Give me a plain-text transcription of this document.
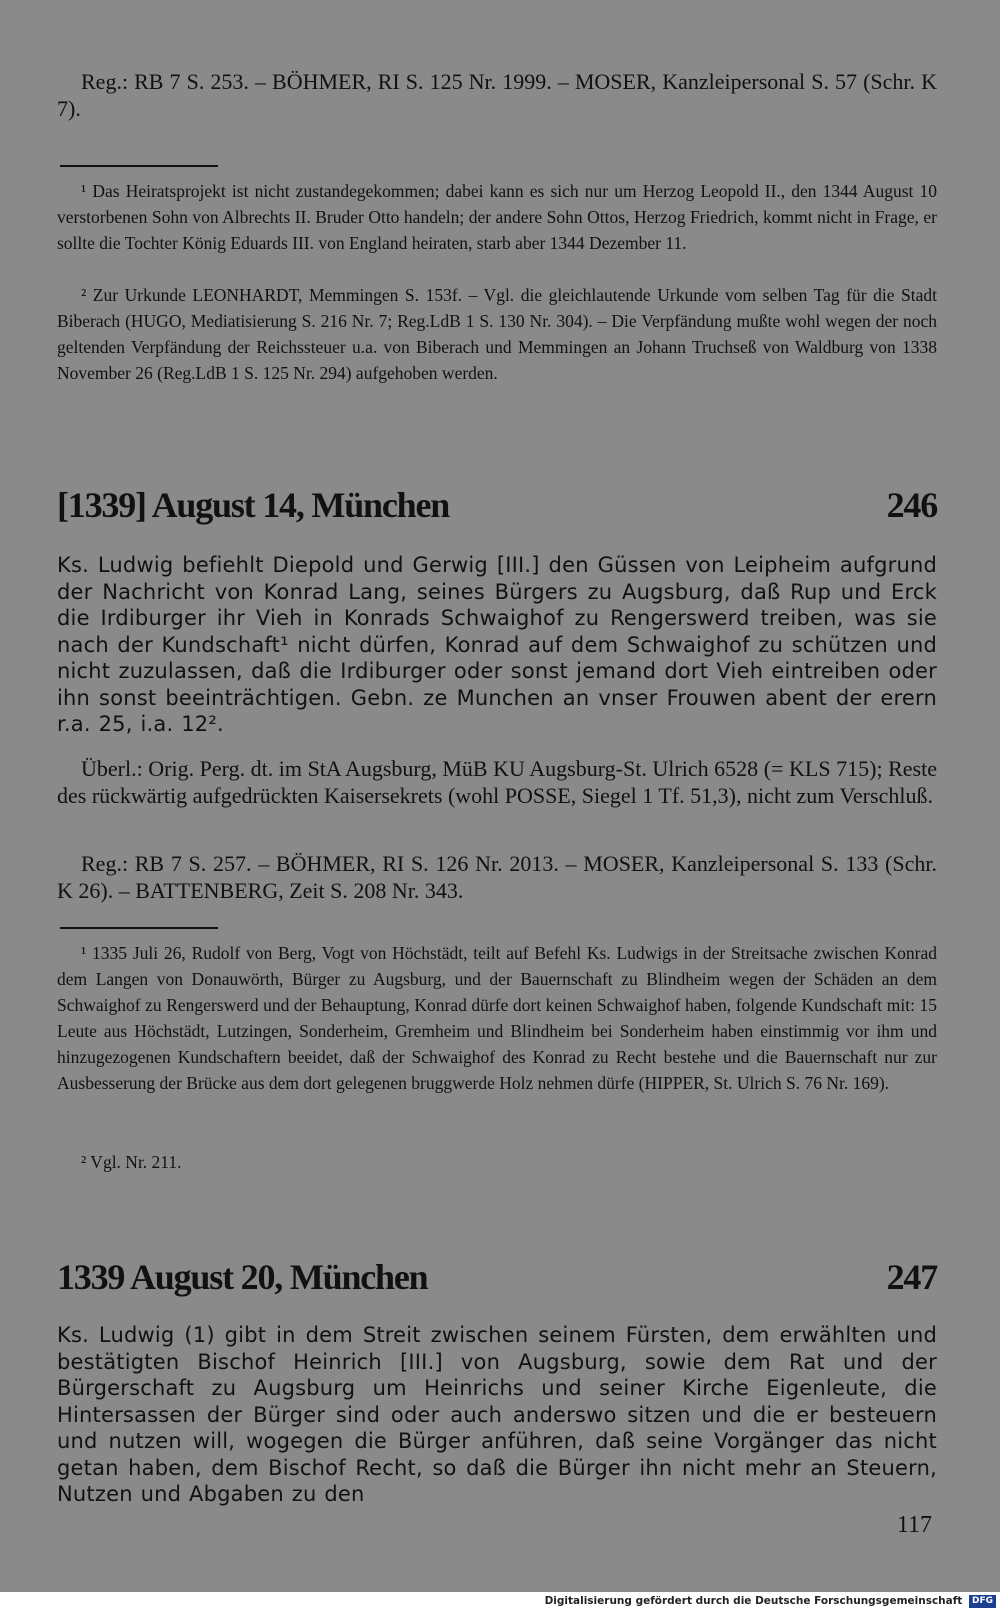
Reg.: RB 7 S. 253. – BÖHMER, RI S. 125 Nr. 1999. – MOSER, Kanzleipersonal S. 57 (Schr. K 7).
¹ Das Heiratsprojekt ist nicht zustandegekommen; dabei kann es sich nur um Herzog Leopold II., den 1344 August 10 verstorbenen Sohn von Albrechts II. Bruder Otto handeln; der andere Sohn Ottos, Herzog Friedrich, kommt nicht in Frage, er sollte die Tochter König Eduards III. von England heiraten, starb aber 1344 Dezember 11.
² Zur Urkunde LEONHARDT, Memmingen S. 153f. – Vgl. die gleichlautende Urkunde vom selben Tag für die Stadt Biberach (HUGO, Mediatisierung S. 216 Nr. 7; Reg.LdB 1 S. 130 Nr. 304). – Die Verpfändung mußte wohl wegen der noch geltenden Verpfändung der Reichssteuer u.a. von Biberach und Memmingen an Johann Truchseß von Waldburg von 1338 November 26 (Reg.LdB 1 S. 125 Nr. 294) aufgehoben werden.
[1339] August 14, München	246
Ks. Ludwig befiehlt Diepold und Gerwig [III.] den Güssen von Leipheim aufgrund der Nachricht von Konrad Lang, seines Bürgers zu Augsburg, daß Rup und Erck die Irdiburger ihr Vieh in Konrads Schwaighof zu Rengerswerd treiben, was sie nach der Kundschaft¹ nicht dürfen, Konrad auf dem Schwaighof zu schützen und nicht zuzulassen, daß die Irdiburger oder sonst jemand dort Vieh eintreiben oder ihn sonst beeinträchtigen. Gebn. ze Munchen an vnser Frouwen abent der erern r.a. 25, i.a. 12².
Überl.: Orig. Perg. dt. im StA Augsburg, MüB KU Augsburg-St. Ulrich 6528 (= KLS 715); Reste des rückwärtig aufgedrückten Kaisersekrets (wohl POSSE, Siegel 1 Tf. 51,3), nicht zum Verschluß.
Reg.: RB 7 S. 257. – BÖHMER, RI S. 126 Nr. 2013. – MOSER, Kanzleipersonal S. 133 (Schr. K 26). – BATTENBERG, Zeit S. 208 Nr. 343.
¹ 1335 Juli 26, Rudolf von Berg, Vogt von Höchstädt, teilt auf Befehl Ks. Ludwigs in der Streitsache zwischen Konrad dem Langen von Donauwörth, Bürger zu Augsburg, und der Bauernschaft zu Blindheim wegen der Schäden an dem Schwaighof zu Rengerswerd und der Behauptung, Konrad dürfe dort keinen Schwaighof haben, folgende Kundschaft mit: 15 Leute aus Höchstädt, Lutzingen, Sonderheim, Gremheim und Blindheim bei Sonderheim haben einstimmig vor ihm und hinzugezogenen Kundschaftern beeidet, daß der Schwaighof des Konrad zu Recht bestehe und die Bauernschaft nur zur Ausbesserung der Brücke aus dem dort gelegenen bruggwerde Holz nehmen dürfe (HIPPER, St. Ulrich S. 76 Nr. 169).
² Vgl. Nr. 211.
1339 August 20, München	247
Ks. Ludwig (1) gibt in dem Streit zwischen seinem Fürsten, dem erwählten und bestätigten Bischof Heinrich [III.] von Augsburg, sowie dem Rat und der Bürgerschaft zu Augsburg um Heinrichs und seiner Kirche Eigenleute, die Hintersassen der Bürger sind oder auch anderswo sitzen und die er besteuern und nutzen will, wogegen die Bürger anführen, daß seine Vorgänger das nicht getan haben, dem Bischof Recht, so daß die Bürger ihn nicht mehr an Steuern, Nutzen und Abgaben zu den
117
Digitalisierung gefördert durch die Deutsche Forschungsgemeinschaft DFG
